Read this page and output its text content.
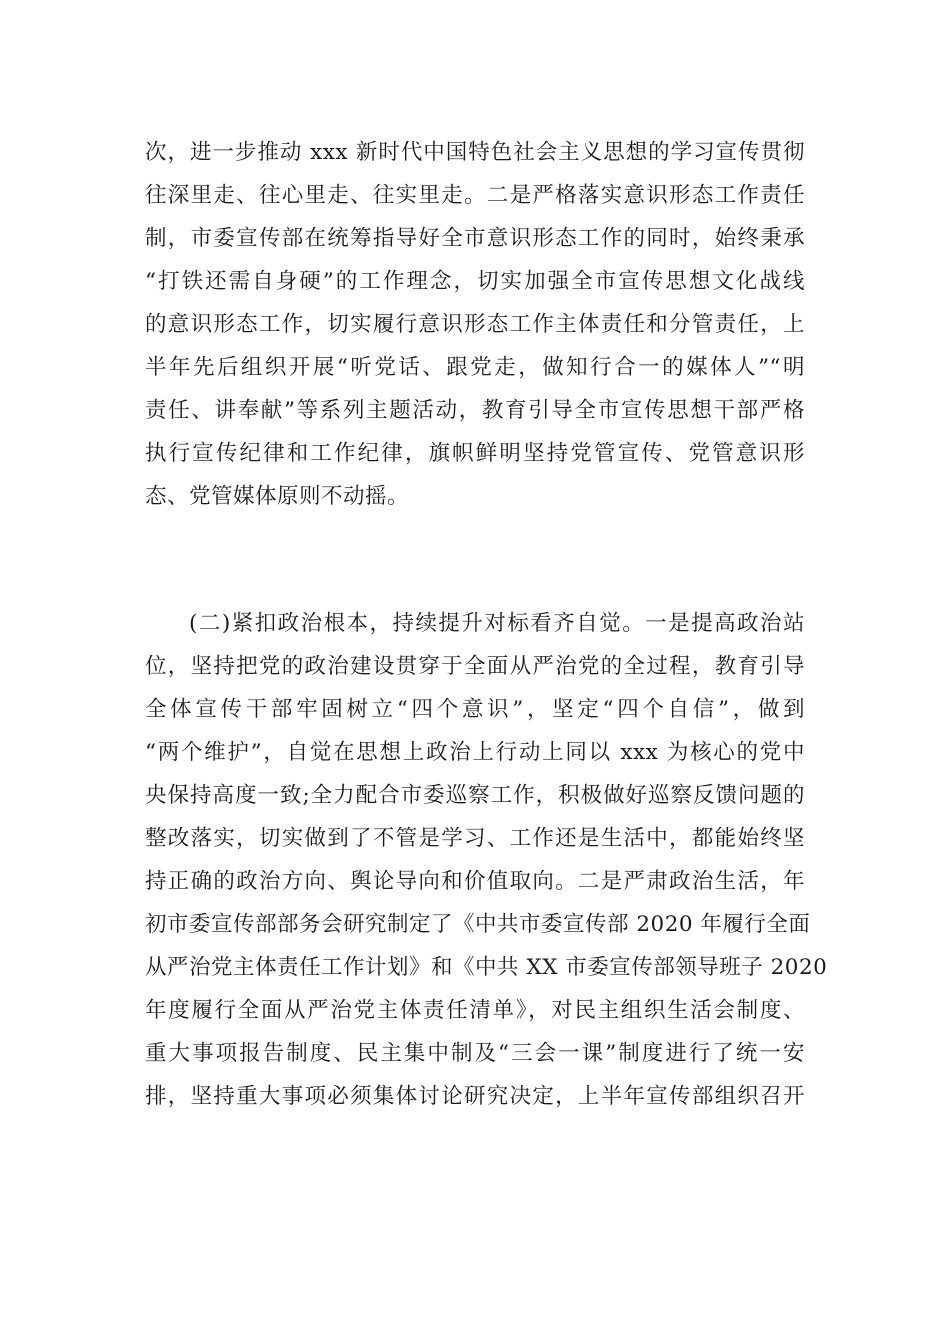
次，进一步推动 xxx 新时代中国特色社会主义思想的学习宣传贯彻
往深里走、往心里走、往实里走。二是严格落实意识形态工作责任
制，市委宣传部在统筹指导好全市意识形态工作的同时，始终秉承
“打铁还需自身硬”的工作理念，切实加强全市宣传思想文化战线
的意识形态工作，切实履行意识形态工作主体责任和分管责任，上
半年先后组织开展“听党话、跟党走，做知行合一的媒体人”“明
责任、讲奉献”等系列主题活动，教育引导全市宣传思想干部严格
执行宣传纪律和工作纪律，旗帜鲜明坚持党管宣传、党管意识形
态、党管媒体原则不动摇。
(二)紧扣政治根本，持续提升对标看齐自觉。一是提高政治站
位，坚持把党的政治建设贯穿于全面从严治党的全过程，教育引导
全体宣传干部牢固树立“四个意识”，坚定“四个自信”，做到
“两个维护”，自觉在思想上政治上行动上同以 xxx 为核心的党中
央保持高度一致;全力配合市委巡察工作，积极做好巡察反馈问题的
整改落实，切实做到了不管是学习、工作还是生活中，都能始终坚
持正确的政治方向、舆论导向和价值取向。二是严肃政治生活，年
初市委宣传部部务会研究制定了《中共市委宣传部 2020 年履行全面
从严治党主体责任工作计划》和《中共 XX 市委宣传部领导班子 2020
年度履行全面从严治党主体责任清单》，对民主组织生活会制度、
重大事项报告制度、民主集中制及“三会一课”制度进行了统一安
排，坚持重大事项必须集体讨论研究决定，上半年宣传部组织召开
